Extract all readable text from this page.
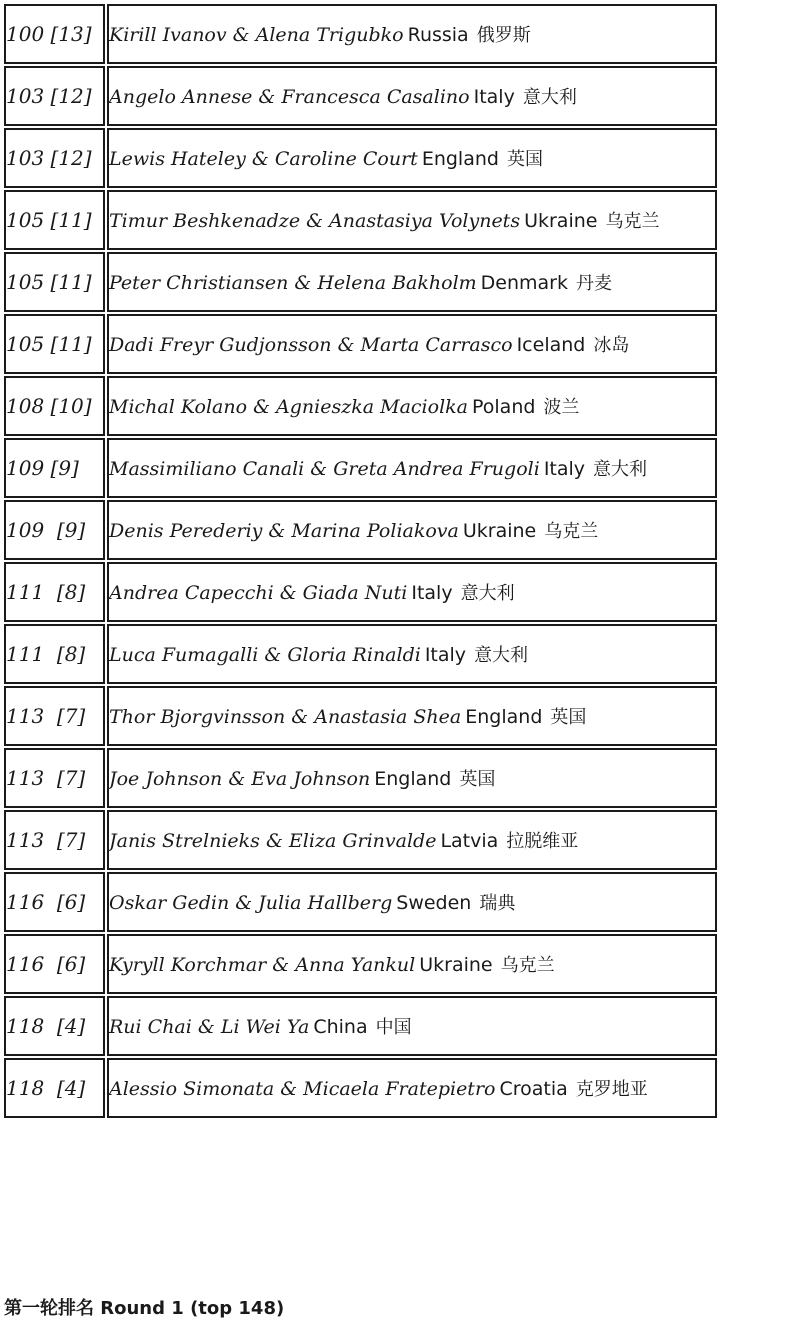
100 [13]	Kirill Ivanov & Alena Trigubko Russia 俄罗斯
103 [12]	Angelo Annese & Francesca Casalino Italy 意大利
103 [12]	Lewis Hateley & Caroline Court England 英国
105 [11]	Timur Beshkenadze & Anastasiya Volynets Ukraine 乌克兰
105 [11]	Peter Christiansen & Helena Bakholm Denmark 丹麦
105 [11]	Dadi Freyr Gudjonsson & Marta Carrasco Iceland 冰岛
108 [10]	Michal Kolano & Agnieszka Maciolka Poland 波兰
109 [9]	Massimiliano Canali & Greta Andrea Frugoli Italy 意大利
109  [9]	Denis Perederiy & Marina Poliakova Ukraine 乌克兰
111  [8]	Andrea Capecchi & Giada Nuti Italy 意大利
111  [8]	Luca Fumagalli & Gloria Rinaldi Italy 意大利
113  [7]	Thor Bjorgvinsson & Anastasia Shea England 英国
113  [7]	Joe Johnson & Eva Johnson England 英国
113  [7]	Janis Strelnieks & Eliza Grinvalde Latvia 拉脱维亚
116  [6]	Oskar Gedin & Julia Hallberg Sweden 瑞典
116  [6]	Kyryll Korchmar & Anna Yankul Ukraine 乌克兰
118  [4]	Rui Chai & Li Wei Ya China 中国
118  [4]	Alessio Simonata & Micaela Fratepietro Croatia 克罗地亚
第一轮排名 Round 1 (top 148)
